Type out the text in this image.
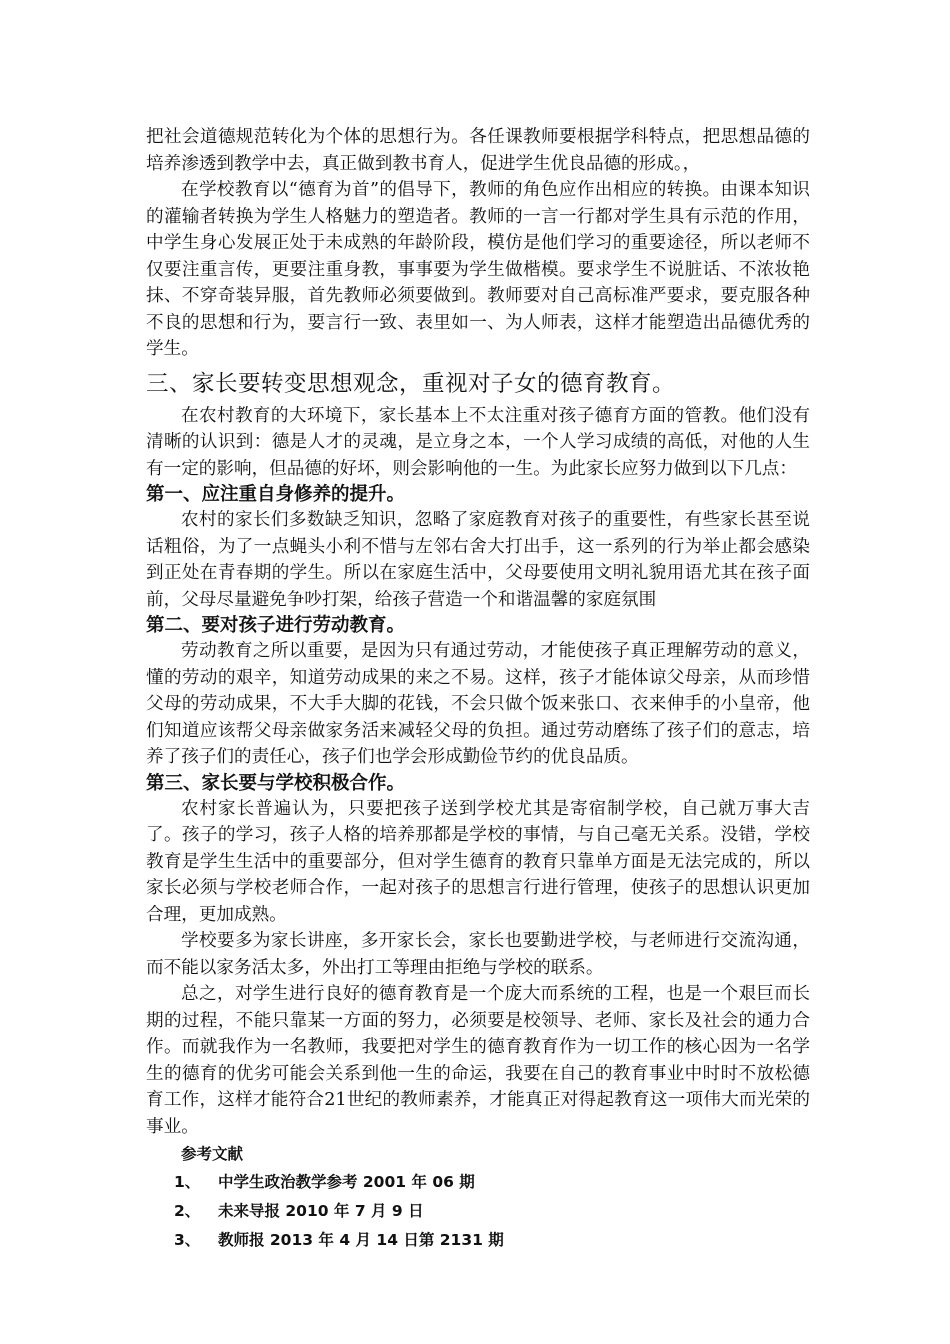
把社会道德规范转化为个体的思想行为。各任课教师要根据学科特点，把思想品德的培养渗透到教学中去，真正做到教书育人，促进学生优良品德的形成。，

在学校教育以“德育为首”的倡导下，教师的角色应作出相应的转换。由课本知识的灌输者转换为学生人格魅力的塑造者。教师的一言一行都对学生具有示范的作用，中学生身心发展正处于未成熟的年龄阶段，模仿是他们学习的重要途径，所以老师不仅要注重言传，更要注重身教，事事要为学生做楷模。要求学生不说脏话、不浓妆艳抹、不穿奇装异服，首先教师必须要做到。教师要对自己高标准严要求，要克服各种不良的思想和行为，要言行一致、表里如一、为人师表，这样才能塑造出品德优秀的学生。

三、家长要转变思想观念，重视对子女的德育教育。

在农村教育的大环境下，家长基本上不太注重对孩子德育方面的管教。他们没有清晰的认识到：德是人才的灵魂，是立身之本，一个人学习成绩的高低，对他的人生有一定的影响，但品德的好坏，则会影响他的一生。为此家长应努力做到以下几点：

第一、应注重自身修养的提升。

农村的家长们多数缺乏知识，忽略了家庭教育对孩子的重要性，有些家长甚至说话粗俗，为了一点蝇头小利不惜与左邻右舍大打出手，这一系列的行为举止都会感染到正处在青春期的学生。所以在家庭生活中，父母要使用文明礼貌用语尤其在孩子面前，父母尽量避免争吵打架，给孩子营造一个和谐温馨的家庭氛围

第二、要对孩子进行劳动教育。

劳动教育之所以重要，是因为只有通过劳动，才能使孩子真正理解劳动的意义，懂的劳动的艰辛，知道劳动成果的来之不易。这样，孩子才能体谅父母亲，从而珍惜父母的劳动成果，不大手大脚的花钱，不会只做个饭来张口、衣来伸手的小皇帝，他们知道应该帮父母亲做家务活来减轻父母的负担。通过劳动磨练了孩子们的意志，培养了孩子们的责任心，孩子们也学会形成勤俭节约的优良品质。

第三、家长要与学校积极合作。

农村家长普遍认为，只要把孩子送到学校尤其是寄宿制学校，自己就万事大吉了。孩子的学习，孩子人格的培养那都是学校的事情，与自己毫无关系。没错，学校教育是学生生活中的重要部分，但对学生德育的教育只靠单方面是无法完成的，所以家长必须与学校老师合作，一起对孩子的思想言行进行管理，使孩子的思想认识更加合理，更加成熟。

学校要多为家长讲座，多开家长会，家长也要勤进学校，与老师进行交流沟通，而不能以家务活太多，外出打工等理由拒绝与学校的联系。

总之，对学生进行良好的德育教育是一个庞大而系统的工程，也是一个艰巨而长期的过程，不能只靠某一方面的努力，必须要是校领导、老师、家长及社会的通力合作。而就我作为一名教师，我要把对学生的德育教育作为一切工作的核心因为一名学生的德育的优劣可能会关系到他一生的命运，我要在自己的教育事业中时时不放松德育工作，这样才能符合21世纪的教师素养，才能真正对得起教育这一项伟大而光荣的事业。

参考文献

1、 中学生政治教学参考 2001 年 06 期

2、 未来导报 2010 年 7 月 9 日

3、 教师报 2013 年 4 月 14 日第 2131 期
